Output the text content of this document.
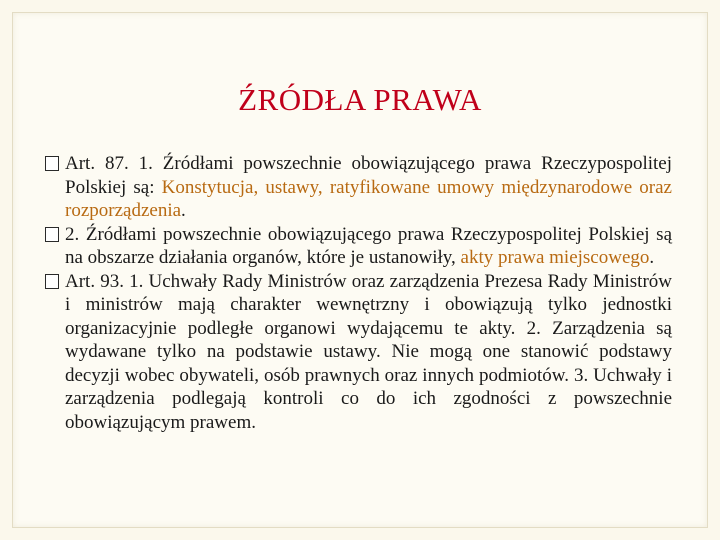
ŹRÓDŁA PRAWA
Art. 87. 1. Źródłami powszechnie obowiązującego prawa Rzeczypospolitej Polskiej są: Konstytucja, ustawy, ratyfikowane umowy międzynarodowe oraz rozporządzenia.
2. Źródłami powszechnie obowiązującego prawa Rzeczypospolitej Polskiej są na obszarze działania organów, które je ustanowiły, akty prawa miejscowego.
Art. 93. 1. Uchwały Rady Ministrów oraz zarządzenia Prezesa Rady Ministrów i ministrów mają charakter wewnętrzny i obowiązują tylko jednostki organizacyjnie podległe organowi wydającemu te akty. 2. Zarządzenia są wydawane tylko na podstawie ustawy. Nie mogą one stanowić podstawy decyzji wobec obywateli, osób prawnych oraz innych podmiotów. 3. Uchwały i zarządzenia podlegają kontroli co do ich zgodności z powszechnie obowiązującym prawem.
